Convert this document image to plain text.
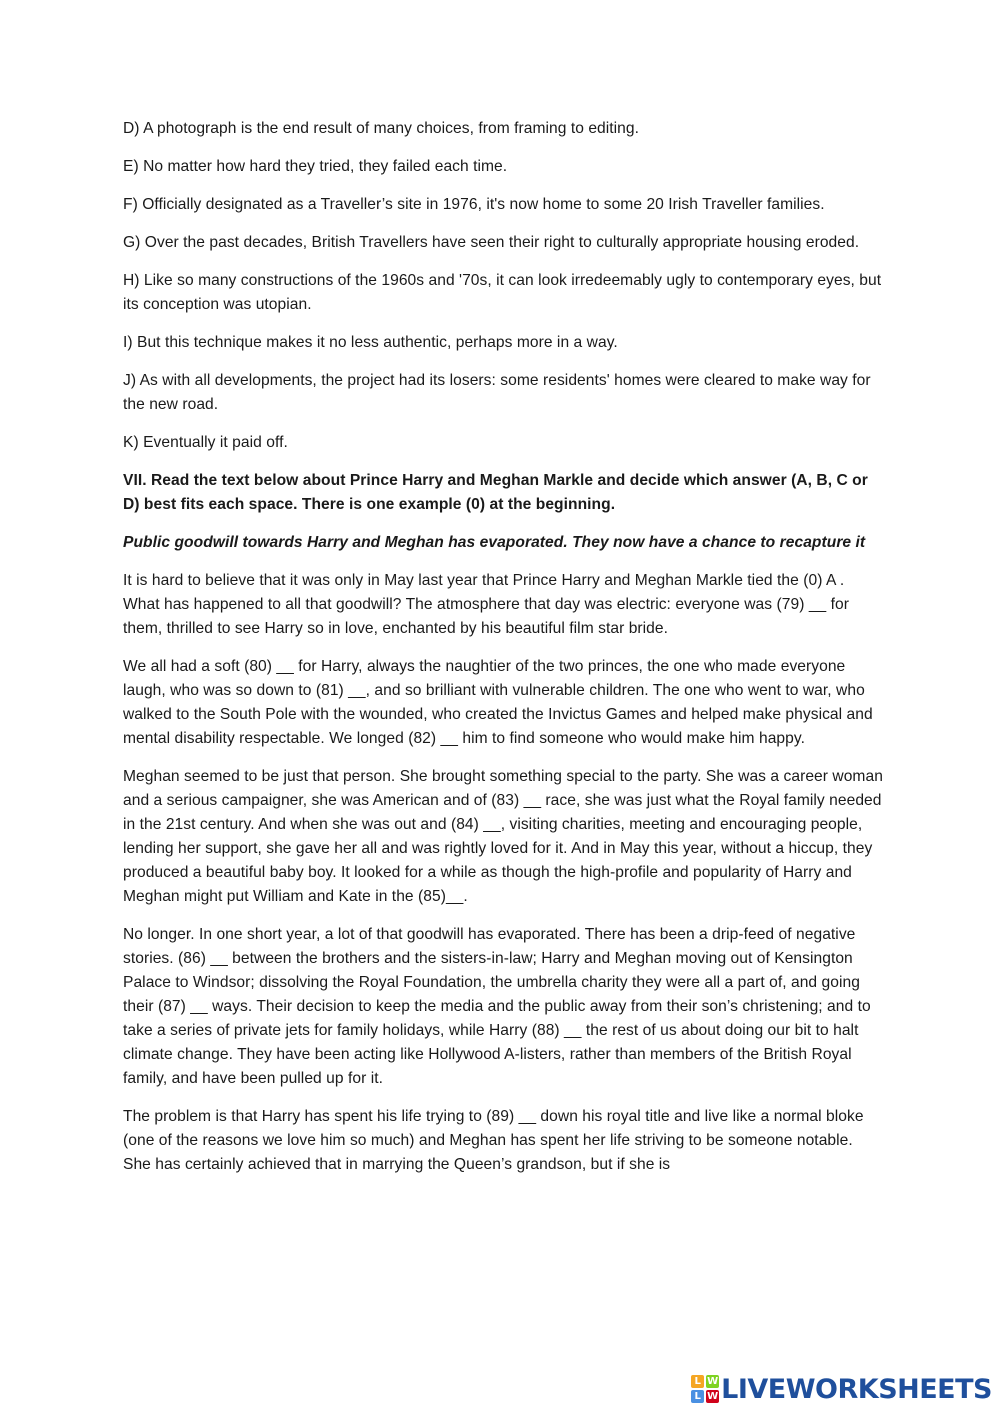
D) A photograph is the end result of many choices, from framing to editing.

E) No matter how hard they tried, they failed each time.

F) Officially designated as a Traveller’s site in 1976, it's now home to some 20 Irish Traveller families.

G) Over the past decades, British Travellers have seen their right to culturally appropriate housing eroded.

H) Like so many constructions of the 1960s and '70s, it can look irredeemably ugly to contemporary eyes, but its conception was utopian.

I) But this technique makes it no less authentic, perhaps more in a way.

J) As with all developments, the project had its losers: some residents' homes were cleared to make way for the new road.

K) Eventually it paid off.

VII. Read the text below about Prince Harry and Meghan Markle and decide which answer (A, B, C or D) best fits each space. There is one example (0) at the beginning.

Public goodwill towards Harry and Meghan has evaporated. They now have a chance to recapture it

It is hard to believe that it was only in May last year that Prince Harry and Meghan Markle tied the (0) A . What has happened to all that goodwill? The atmosphere that day was electric: everyone was (79) __ for them, thrilled to see Harry so in love, enchanted by his beautiful film star bride.

We all had a soft (80) __ for Harry, always the naughtier of the two princes, the one who made everyone laugh, who was so down to (81) __, and so brilliant with vulnerable children. The one who went to war, who walked to the South Pole with the wounded, who created the Invictus Games and helped make physical and mental disability respectable. We longed (82) __ him to find someone who would make him happy.

Meghan seemed to be just that person. She brought something special to the party. She was a career woman and a serious campaigner, she was American and of (83) __ race, she was just what the Royal family needed in the 21st century. And when she was out and (84) __, visiting charities, meeting and encouraging people, lending her support, she gave her all and was rightly loved for it. And in May this year, without a hiccup, they produced a beautiful baby boy. It looked for a while as though the high-profile and popularity of Harry and Meghan might put William and Kate in the (85)__.

No longer. In one short year, a lot of that goodwill has evaporated. There has been a drip-feed of negative stories. (86) __ between the brothers and the sisters-in-law; Harry and Meghan moving out of Kensington Palace to Windsor; dissolving the Royal Foundation, the umbrella charity they were all a part of, and going their (87) __ ways. Their decision to keep the media and the public away from their son’s christening; and to take a series of private jets for family holidays, while Harry (88) __ the rest of us about doing our bit to halt climate change. They have been acting like Hollywood A-listers, rather than members of the British Royal family, and have been pulled up for it.

The problem is that Harry has spent his life trying to (89) __ down his royal title and live like a normal bloke (one of the reasons we love him so much) and Meghan has spent her life striving to be someone notable. She has certainly achieved that in marrying the Queen’s grandson, but if she is

L W
L W LIVEWORKSHEETS
